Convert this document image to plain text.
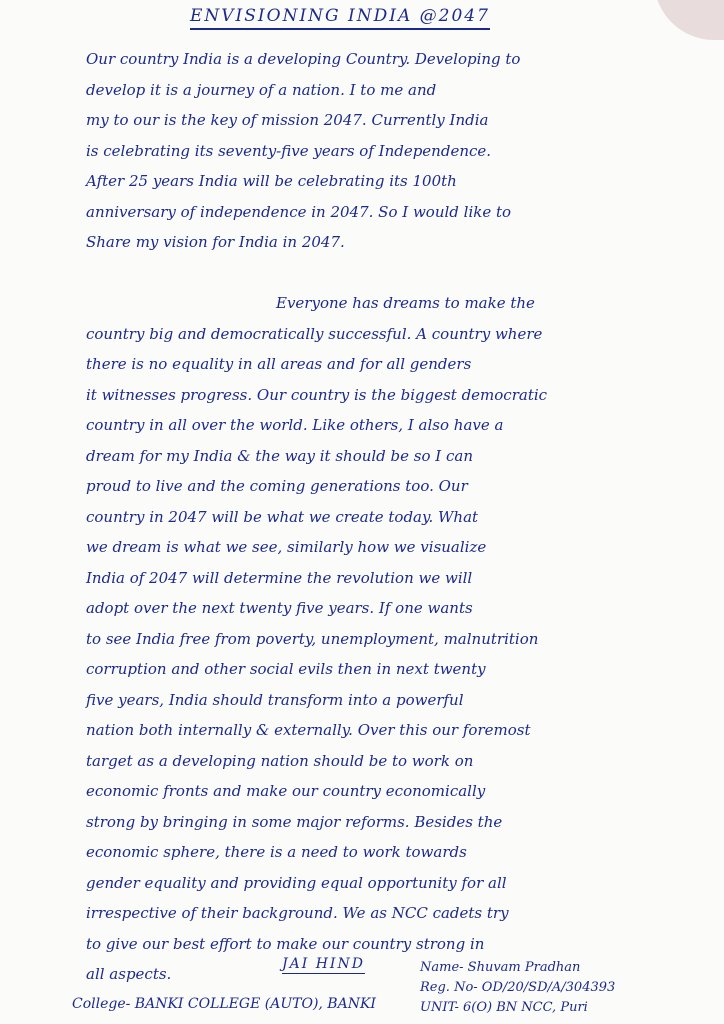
ENVISIONING INDIA @2047
Our country India is a developing Country. Developing to
develop it is a journey of a nation. I to me and
my to our is the key of mission 2047. Currently India
is celebrating its seventy-five years of Independence.
After 25 years India will be celebrating its 100th
anniversary of independence in 2047. So I would like to
Share my vision for India in 2047.

Everyone has dreams to make the
country big and democratically successful. A country where
there is no equality in all areas and for all genders
it witnesses progress. Our country is the biggest democratic
country in all over the world. Like others, I also have a
dream for my India & the way it should be so I can
proud to live and the coming generations too. Our
country in 2047 will be what we create today. What
we dream is what we see, similarly how we visualize
India of 2047 will determine the revolution we will
adopt over the next twenty five years. If one wants
to see India free from poverty, unemployment, malnutrition
corruption and other social evils then in next twenty
five years, India should transform into a powerful
nation both internally & externally. Over this our foremost
target as a developing nation should be to work on
economic fronts and make our country economically
strong by bringing in some major reforms. Besides the
economic sphere, there is a need to work towards
gender equality and providing equal opportunity for all
irrespective of their background. We as NCC cadets try
to give our best effort to make our country strong in
all aspects.
JAI HIND	Name- Shuvam Pradhan
Reg. No- OD/20/SD/A/304393
UNIT- 6(O) BN NCC, Puri
College- BANKI COLLEGE (AUTO), BANKI
